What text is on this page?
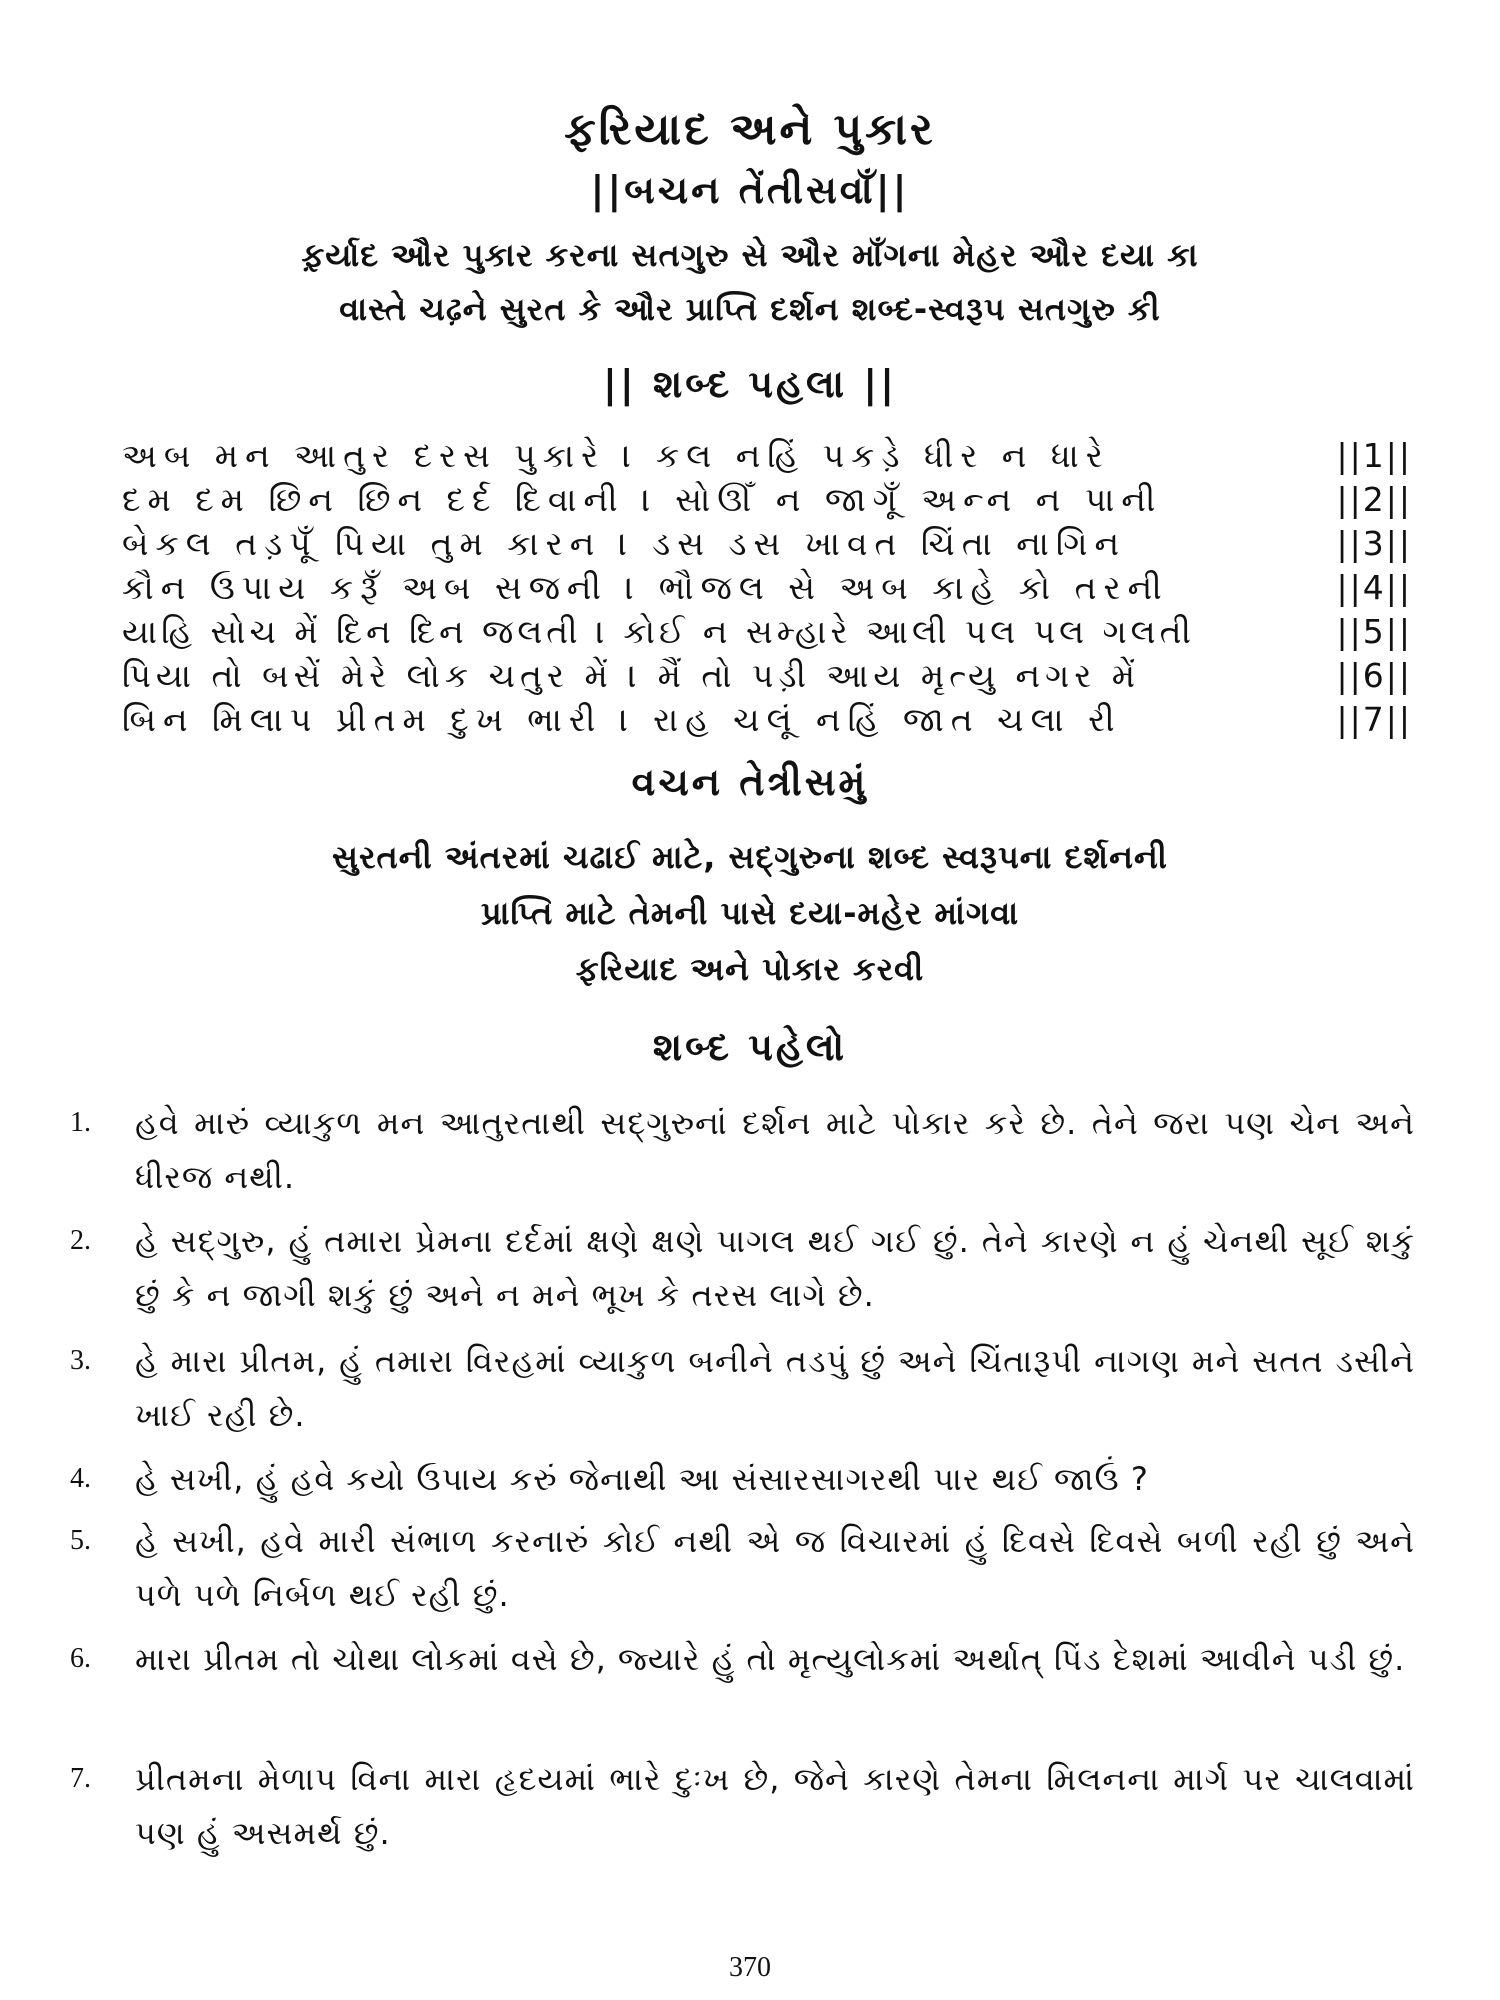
ફરિયાદ અને પુકાર
||બચન તેંતીસવાઁ||
ફ઼ર્યાદ ઔર પુકાર કરના સતગુરુ સે ઔર માઁગના મેહર ઔર દયા કા
વાસ્તે ચઢ઼ને સુરત કે ઔર પ્રાપ્તિ દર્શન શબ્દ-સ્વરૂપ સતગુરુ કી
|| શબ્દ પહલા ||
અબ મન આતુર દરસ પુકારે । કલ નહિં પકડ઼ે ધીર ન ધારે	||1||
દમ દમ છિન છિન દર્દ દિવાની । સોઊઁ ન જાગૂઁ અન્ન ન પાની	||2||
બેકલ તડ઼પૂઁ પિયા તુમ કારન । ડસ ડસ ખાવત ચિંતા નાગિન	||3||
કૌન ઉપાય કરૂઁ અબ સજની । ભૌજલ સે અબ કાહે કો તરની	||4||
યાહિ સોચ મેં દિન દિન જલતી । કોઈ ન સમ્હારે આલી પલ પલ ગલતી	||5||
પિયા તો બસેં મેરે લોક ચતુર મેં । મૈં તો પડ઼ી આય મૃત્યુ નગર મેં	||6||
બિન મિલાપ પ્રીતમ દુખ ભારી । રાહ ચલૂં નહિં જાત ચલા રી	||7||
વચન તેત્રીસમું
સુરતની અંતરમાં ચઢાઈ માટે, સદ્ગુરુના શબ્દ સ્વરૂપના દર્શનની
પ્રાપ્તિ માટે તેમની પાસે દયા-મહેર માંગવા
ફરિયાદ અને પોકાર કરવી
શબ્દ પહેલો
1.	હવે મારું વ્યાકુળ મન આતુરતાથી સદ્ગુરુનાં દર્શન માટે પોકાર કરે છે. તેને જરા પણ ચેન અને ધીરજ નથી.
2.	હે સદ્ગુરુ, હું તમારા પ્રેમના દર્દમાં ક્ષણે ક્ષણે પાગલ થઈ ગઈ છું. તેને કારણે ન હું ચેનથી સૂઈ શકું છું કે ન જાગી શકું છું અને ન મને ભૂખ કે તરસ લાગે છે.
3.	હે મારા પ્રીતમ, હું તમારા વિરહમાં વ્યાકુળ બનીને તડપું છું અને ચિંતારૂપી નાગણ મને સતત ડસીને ખાઈ રહી છે.
4.	હે સખી, હું હવે કયો ઉપાય કરું જેનાથી આ સંસારસાગરથી પાર થઈ જાઉં ?
5.	હે સખી, હવે મારી સંભાળ કરનારું કોઈ નથી એ જ વિચારમાં હું દિવસે દિવસે બળી રહી છું અને પળે પળે નિર્બળ થઈ રહી છું.
6.	મારા પ્રીતમ તો ચોથા લોકમાં વસે છે, જ્યારે હું તો મૃત્યુલોકમાં અર્થાત્ પિંડ દેશમાં આવીને પડી છું.
7.	પ્રીતમના મેળાપ વિના મારા હૃદયમાં ભારે દુઃખ છે, જેને કારણે તેમના મિલનના માર્ગ પર ચાલવામાં પણ હું અસમર્થ છું.
370
